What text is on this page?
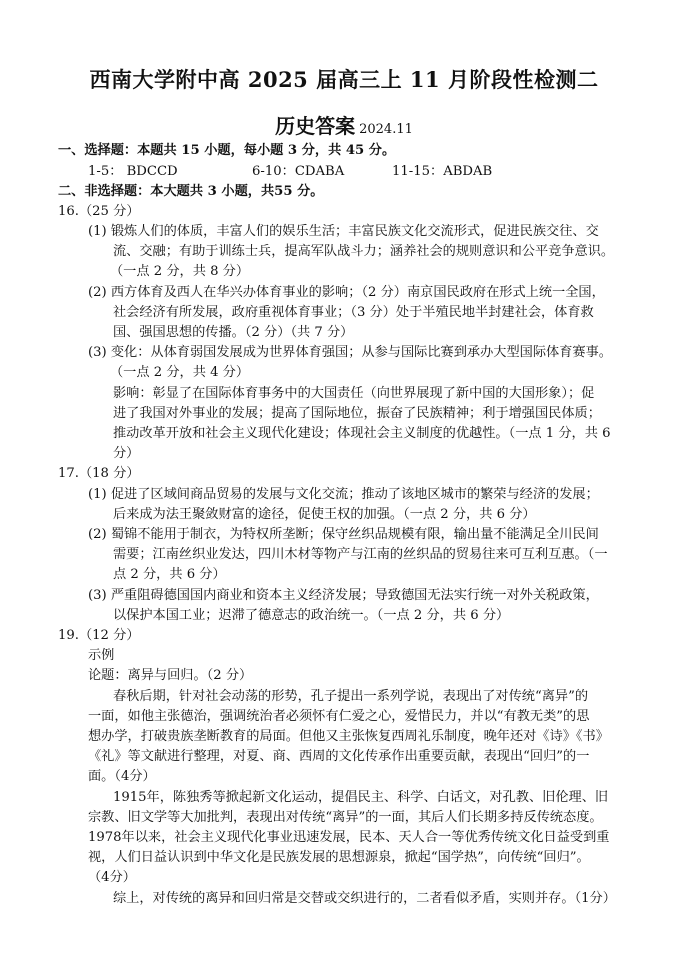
西南大学附中高 2025 届高三上 11 月阶段性检测二
历史答案 2024.11
一、选择题：本题共 15 小题，每小题 3 分，共 45 分。
1-5： BDCCD	6-10：CDABA	11-15：ABDAB
二、非选择题：本大题共 3 小题，共55 分。
16.（25 分）
(1) 锻炼人们的体质，丰富人们的娱乐生活；丰富民族文化交流形式，促进民族交往、交
流、交融；有助于训练士兵，提高军队战斗力；涵养社会的规则意识和公平竞争意识。
（一点 2 分，共 8 分）
(2) 西方体育及西人在华兴办体育事业的影响；（2 分）南京国民政府在形式上统一全国，
社会经济有所发展，政府重视体育事业；（3 分）处于半殖民地半封建社会，体育救
国、强国思想的传播。（2 分）（共 7 分）
(3) 变化：从体育弱国发展成为世界体育强国；从参与国际比赛到承办大型国际体育赛事。
（一点 2 分，共 4 分）
影响：彰显了在国际体育事务中的大国责任（向世界展现了新中国的大国形象）；促
进了我国对外事业的发展；提高了国际地位，振奋了民族精神；利于增强国民体质；
推动改革开放和社会主义现代化建设；体现社会主义制度的优越性。（一点 1 分，共 6
分）
17.（18 分）
(1) 促进了区域间商品贸易的发展与文化交流；推动了该地区城市的繁荣与经济的发展；
后来成为法王聚敛财富的途径，促使王权的加强。（一点 2 分，共 6 分）
(2) 蜀锦不能用于制衣，为特权所垄断；保守丝织品规模有限，输出量不能满足全川民间
需要；江南丝织业发达，四川木材等物产与江南的丝织品的贸易往来可互利互惠。（一
点 2 分，共 6 分）
(3) 严重阻碍德国国内商业和资本主义经济发展；导致德国无法实行统一对外关税政策，
以保护本国工业；迟滞了德意志的政治统一。（一点 2 分，共 6 分）
19.（12 分）
示例
论题：离异与回归。（2 分）
春秋后期，针对社会动荡的形势，孔子提出一系列学说，表现出了对传统“离异”的
一面，如他主张德治，强调统治者必须怀有仁爱之心，爱惜民力，并以“有教无类”的思
想办学，打破贵族垄断教育的局面。但他又主张恢复西周礼乐制度，晚年还对《诗》《书》
《礼》等文献进行整理，对夏、商、西周的文化传承作出重要贡献，表现出“回归”的一
面。（4分）
1915年，陈独秀等掀起新文化运动，提倡民主、科学、白话文，对孔教、旧伦理、旧
宗教、旧文学等大加批判，表现出对传统“离异”的一面，其后人们长期多持反传统态度。
1978年以来，社会主义现代化事业迅速发展，民本、天人合一等优秀传统文化日益受到重
视，人们日益认识到中华文化是民族发展的思想源泉，掀起“国学热”，向传统“回归”。
（4分）
综上，对传统的离异和回归常是交替或交织进行的，二者看似矛盾，实则并存。（1分）
